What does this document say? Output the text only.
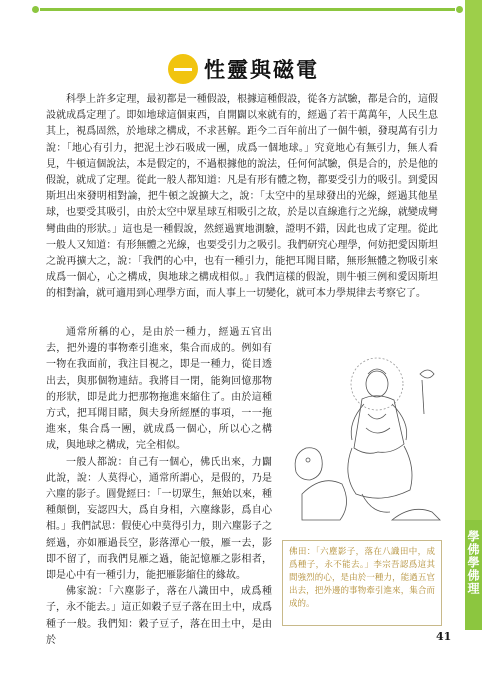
學佛學佛理
性靈與磁電

科學上許多定理，最初都是一種假設，根據這種假設，從各方試驗，都是合的，這假設就成爲定理了。即如地球這個東西，自開闢以來就有的，經過了若干萬萬年，人民生息其上，視爲固然，於地球之構成，不求甚解。距今二百年前出了一個牛頓，發現萬有引力說：「地心有引力，把泥土沙石吸成一團，成爲一個地球。」究竟地心有無引力，無人看見，牛頓這個說法，本是假定的，不過根據他的說法，任何何試驗，俱是合的，於是他的假說，就成了定理。從此一般人都知道：凡是有形有體之物，都要受引力的吸引。到愛因斯坦出來發明相對論，把牛頓之說擴大之，說：「太空中的星球發出的光線，經過其他星球，也要受其吸引，由於太空中眾星球互相吸引之故，於是以直線進行之光線，就變成彎彎曲曲的形狀。」這也是一種假說，然經過實地測驗，證明不錯，因此也成了定理。從此一般人又知道：有形無體之光線，也要受引力之吸引。我們研究心理學，何妨把愛因斯坦之說再擴大之，說：「我們的心中，也有一種引力，能把耳聞目睹，無形無體之物吸引來成爲一個心，心之構成，與地球之構成相似。」我們這樣的假說，則牛頓三例和愛因斯坦的相對論，就可適用到心理學方面，而人事上一切變化，就可本力學規律去考察它了。

通常所稱的心，是由於一種力，經過五官出去，把外邊的事物牽引進來，集合而成的。例如有一物在我面前，我注目視之，即是一種力，從目透出去，與那個物連結。我將目一閉，能夠回憶那物的形狀，即是此力把那物拖進來縮住了。由於這種方式，把耳聞目睹，與夫身所經歷的事項，一一拖進來，集合爲一團，就成爲一個心，所以心之構成，與地球之構成，完全相似。

一般人都說：自己有一個心，佛氏出來，力闢此說，說：人莫得心，通常所謂心，是假的，乃是六塵的影子。圓覺經曰：「一切眾生，無始以來，種種顛倒，妄認四大，爲自身相，六塵緣影，爲自心相。」我們試思：假使心中莫得引力，則六塵影子之經過，亦如雁過長空，影落潭心一般，雁一去，影即不留了，而我們見雁之過，能記憶雁之影相者，即是心中有一種引力，能把雁影縮住的緣故。

佛家說：「六塵影子，落在八識田中，成爲種子，永不能去。」這正如穀子豆子落在田土中，成爲種子一般。我們知：穀子豆子，落在田土中，是由於

佛田：「六塵影子，落在八識田中，成爲種子，永不能去。」李宗吾認爲這其間強烈的心，是由於一種力，能過五官出去，把外邊的事物牽引進來，集合而成的。

41
